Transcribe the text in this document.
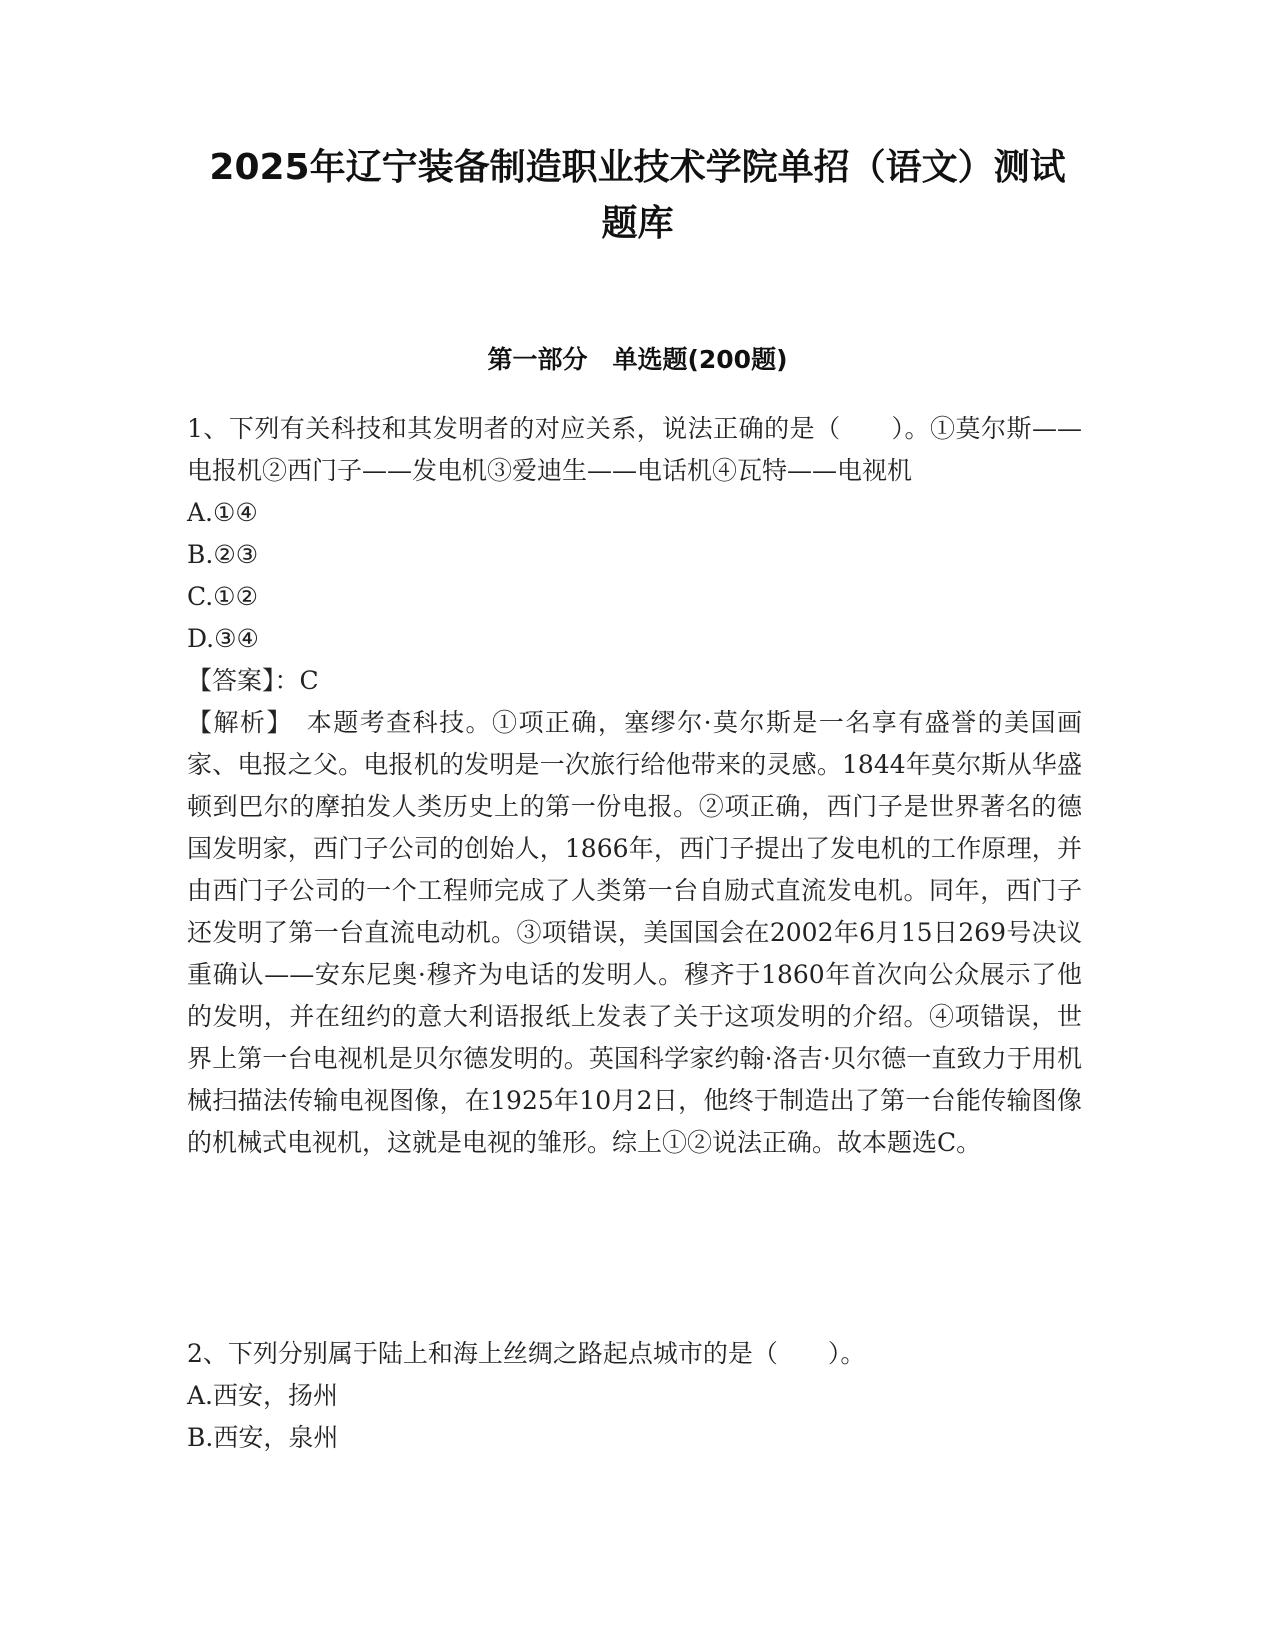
2025年辽宁装备制造职业技术学院单招（语文）测试
题库
第一部分　单选题(200题)

1、下列有关科技和其发明者的对应关系，说法正确的是（　　）。①莫尔斯——电报机②西门子——发电机③爱迪生——电话机④瓦特——电视机

A.①④

B.②③

C.①②

D.③④

【答案】：C

【解析】　本题考查科技。①项正确，塞缪尔·莫尔斯是一名享有盛誉的美国画家、电报之父。电报机的发明是一次旅行给他带来的灵感。1844年莫尔斯从华盛顿到巴尔的摩拍发人类历史上的第一份电报。②项正确，西门子是世界著名的德国发明家，西门子公司的创始人，1866年，西门子提出了发电机的工作原理，并由西门子公司的一个工程师完成了人类第一台自励式直流发电机。同年，西门子还发明了第一台直流电动机。③项错误，美国国会在2002年6月15日269号决议重确认——安东尼奥·穆齐为电话的发明人。穆齐于1860年首次向公众展示了他的发明，并在纽约的意大利语报纸上发表了关于这项发明的介绍。④项错误，世界上第一台电视机是贝尔德发明的。英国科学家约翰·洛吉·贝尔德一直致力于用机械扫描法传输电视图像，在1925年10月2日，他终于制造出了第一台能传输图像的机械式电视机，这就是电视的雏形。综上①②说法正确。故本题选C。

2、下列分别属于陆上和海上丝绸之路起点城市的是（　　）。

A.西安，扬州

B.西安，泉州
